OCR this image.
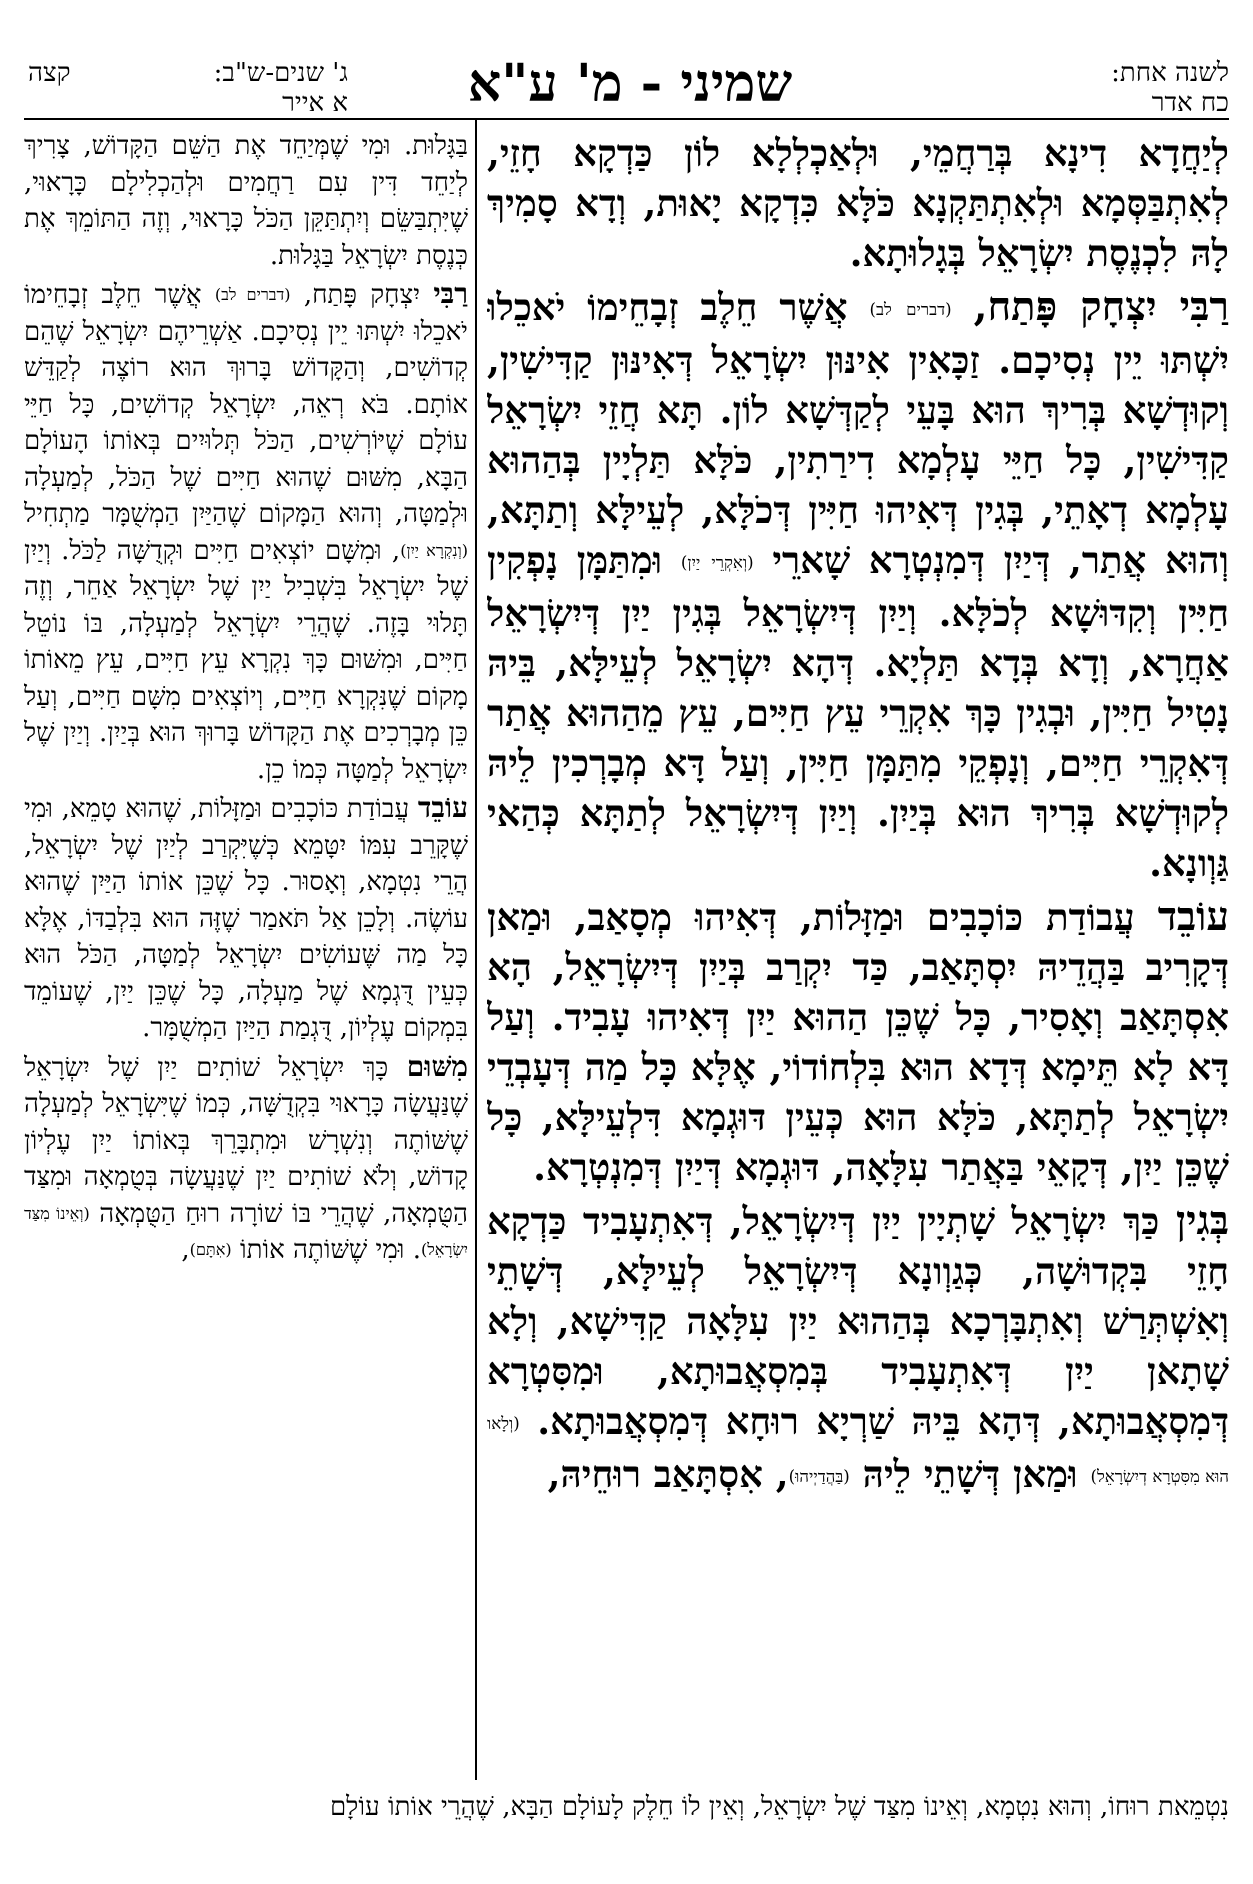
קצה	ג' שנים-ש"ב:
א אייר	שמיני - מ' ע"א	לשנה אחת:
כח אדר

לְיַחֲדָא דִינָא בְּרַחֲמֵי, וּלְאַכְלְלָא לוֹן כַּדְקָא חָזֵי, לְאִתְבַּסְּמָא וּלְאִתְתַּקְנָא כֹּלָּא כִּדְקָא יָאוּת, וְדָא סָמִיךְ לָהּ לִכְנֶסֶת יִשְׂרָאֵל בְּגָלוּתָא.

רַבִּי יִצְחָק פָּתַח, (דברים לב) אֲשֶׁר חֵלֶב זְבָחֵימוֹ יֹאכֵלוּ יִשְׁתּוּ יֵין נְסִיכָם. זַכָּאִין אִינּוּן יִשְׂרָאֵל דְּאִינּוּן קַדִּישִׁין, וְקוּדְשָׁא בְּרִיךְ הוּא בָּעֵי לְקַדְּשָׁא לוֹן. תָּא חֲזֵי יִשְׂרָאֵל קַדִּישִׁין, כָּל חַיֵּי עָלְמָא דִירַתִין, כֹּלָּא תַּלְיָין בְּהַהוּא עָלְמָא דְאָתֵי, בְּגִין דְּאִיהוּ חַיִּין דְּכֹלָּא, לְעֵילָּא וְתַתָּא, וְהוּא אֲתַר, דְּיַיִן דְּמִנְטְרָא שָׁארֵי (וְאִקְרֵי יַיִן) וּמִתַּמָּן נָפְקִין חַיִּין וְקִדּוּשָׁא לְכֹלָּא. וְיַיִן דְּיִשְׂרָאֵל בְּגִין יַיִן דְּיִשְׂרָאֵל אַחֲרָא, וְדָא בְּדָא תַּלְיָא. דְּהָא יִשְׂרָאֵל לְעֵילָּא, בֵּיהּ נָטִיל חַיִּין, וּבְגִין כָּךְ אִקְרֵי עֵץ חַיִּים, עֵץ מֵהַהוּא אֲתַר דְּאִקְרֵי חַיִּים, וְנָפְקֵי מִתַּמָּן חַיִּין, וְעַל דָּא מְבָרְכִין לֵיהּ לְקוּדְשָׁא בְּרִיךְ הוּא בְּיַיִן. וְיַיִן דְּיִשְׂרָאֵל לְתַתָּא כְּהַאי גַּוְונָא.

עוֹבֵד עֲבוֹדַת כּוֹכָבִים וּמַזָּלוֹת, דְּאִיהוּ מְסָאַב, וּמַאן דְּקָרִיב בַּהֲדֵיהּ יִסְתָּאַב, כַּד יִקְרַב בְּיַיִן דְּיִשְׂרָאֵל, הָא אִסְתָּאַב וְאָסִיר, כָּל שֶׁכֵּן הַהוּא יַיִן דְּאִיהוּ עָבִיד. וְעַל דָּא לָא תֵּימָא דְּדָא הוּא בִּלְחוֹדוֹי, אֶלָּא כָּל מַה דְּעָבְדֵי יִשְׂרָאֵל לְתַתָּא, כֹּלָּא הוּא כְּעֵין דּוּגְמָא דִּלְעֵילָּא, כָּל שֶׁכֵּן יַיִן, דְּקָאֵי בַּאֲתַר עִלָּאָה, דּוּגְמָא דְּיַיִן דְּמִנְטְרָא.

בְּגִין כַּךְ יִשְׂרָאֵל שָׁתְיָין יַיִן דְּיִשְׂרָאֵל, דְּאִתְעָבִיד כַּדְקָא חָזֵי בִּקְדוּשָׁה, כְּגַוְונָא דְּיִשְׂרָאֵל לְעֵילָּא, דְּשָׁתֵי וְאִשְׁתְּרַשׁ וְאִתְבָּרְכָא בְּהַהוּא יַיִן עִלָּאָה קַדִּישָׁא, וְלָא שָׁתָאן יַיִן דְּאִתְעָבִיד בְּמִסְאֲבוּתָא, וּמִסִּטְרָא דְּמִסְאֲבוּתָא, דְּהָא בֵּיהּ שַׁרְיָא רוּחָא דְּמִסְאֲבוּתָא. (וְלָאו הוּא מִסִּטְרָא דְיִשְׂרָאֵל) וּמַאן דְּשָׁתֵי לֵיהּ (בַּהֲדַיְיהוּ), אִסְתָּאַב רוּחֵיהּ,

בַּגָּלוּת. וּמִי שֶׁמְּיַחֵד אֶת הַשֵּׁם הַקָּדוֹשׁ, צָרִיךְ לְיַחֵד דִּין עִם רַחֲמִים וּלְהַכְלִילָם כָּרָאוּי, שֶׁיִּתְבַּשֵּׂם וְיִתְתַּקֵּן הַכֹּל כָּרָאוּי, וְזֶה הַתּוֹמֵךְ אֶת כְּנֶסֶת יִשְׂרָאֵל בַּגָּלוּת.

רַבִּי יִצְחָק פָּתַח, (דברים לב) אֲשֶׁר חֵלֶב זְבָחֵימוֹ יֹאכֵלוּ יִשְׁתּוּ יֵין נְסִיכָם. אַשְׁרֵיהֶם יִשְׂרָאֵל שֶׁהֵם קְדוֹשִׁים, וְהַקָּדוֹשׁ בָּרוּךְ הוּא רוֹצֶה לְקַדֵּשׁ אוֹתָם. בֹּא רְאֵה, יִשְׂרָאֵל קְדוֹשִׁים, כָּל חַיֵּי עוֹלָם שֶׁיּוֹרְשִׁים, הַכֹּל תְּלוּיִים בְּאוֹתוֹ הָעוֹלָם הַבָּא, מִשּׁוּם שֶׁהוּא חַיִּים שֶׁל הַכֹּל, לְמַעְלָה וּלְמַטָּה, וְהוּא הַמָּקוֹם שֶׁהַיַּיִן הַמְשֻׁמָּר מַתְחִיל (וְנִקְרָא יַיִן), וּמִשָּׁם יוֹצְאִים חַיִּים וּקְדֻשָּׁה לַכֹּל. וְיַיִן שֶׁל יִשְׂרָאֵל בִּשְׁבִיל יַיִן שֶׁל יִשְׂרָאֵל אַחֵר, וְזֶה תָּלוּי בָּזֶה. שֶׁהֲרֵי יִשְׂרָאֵל לְמַעְלָה, בּוֹ נוֹטֵל חַיִּים, וּמִשּׁוּם כָּךְ נִקְרָא עֵץ חַיִּים, עֵץ מֵאוֹתוֹ מָקוֹם שֶׁנִּקְרָא חַיִּים, וְיוֹצְאִים מִשָּׁם חַיִּים, וְעַל כֵּן מְבָרְכִים אֶת הַקָּדוֹשׁ בָּרוּךְ הוּא בְּיַיִן. וְיַיִן שֶׁל יִשְׂרָאֵל לְמַטָּה כְּמוֹ כֵן.

עוֹבֵד עֲבוֹדַת כּוֹכָבִים וּמַזָּלוֹת, שֶׁהוּא טָמֵא, וּמִי שֶׁקָּרֵב עִמּוֹ יִטָּמֵא כְּשֶׁיִּקְרַב לְיַיִן שֶׁל יִשְׂרָאֵל, הֲרֵי נִטְמָא, וְאָסוּר. כָּל שֶׁכֵּן אוֹתוֹ הַיַּיִן שֶׁהוּא עוֹשֶׂה. וְלָכֵן אַל תֹּאמַר שֶׁזֶּה הוּא בִּלְבַדּוֹ, אֶלָּא כָּל מַה שֶּׁעוֹשִׂים יִשְׂרָאֵל לְמַטָּה, הַכֹּל הוּא כְּעֵין דֻּגְמָא שֶׁל מַעְלָה, כָּל שֶׁכֵּן יַיִן, שֶׁעוֹמֵד בִּמְקוֹם עֶלְיוֹן, דֻּגְמַת הַיַּיִן הַמְשֻׁמָּר.

מִשּׁוּם כָּךְ יִשְׂרָאֵל שׁוֹתִים יַיִן שֶׁל יִשְׂרָאֵל שֶׁנַּעֲשָׂה כָּרָאוּי בִּקְדֻשָּׁה, כְּמוֹ שֶׁיִּשְׂרָאֵל לְמַעְלָה שֶׁשּׁוֹתֶה וְנִשְׁרָשׁ וּמִתְבָּרֵךְ בְּאוֹתוֹ יַיִן עֶלְיוֹן קָדוֹשׁ, וְלֹא שׁוֹתִים יַיִן שֶׁנַּעֲשָׂה בְּטֻמְאָה וּמִצַּד הַטֻּמְאָה, שֶׁהֲרֵי בּוֹ שׁוֹרָה רוּחַ הַטֻּמְאָה (וְאֵינוֹ מִצַּד יִשְׂרָאֵל). וּמִי שֶׁשּׁוֹתֶה אוֹתוֹ (אִתָּם),

נִטְמֵאת רוּחוֹ, וְהוּא נִטְמָא, וְאֵינוֹ מִצַּד שֶׁל יִשְׂרָאֵל, וְאֵין לוֹ חֵלֶק לָעוֹלָם הַבָּא, שֶׁהֲרֵי אוֹתוֹ עוֹלָם
